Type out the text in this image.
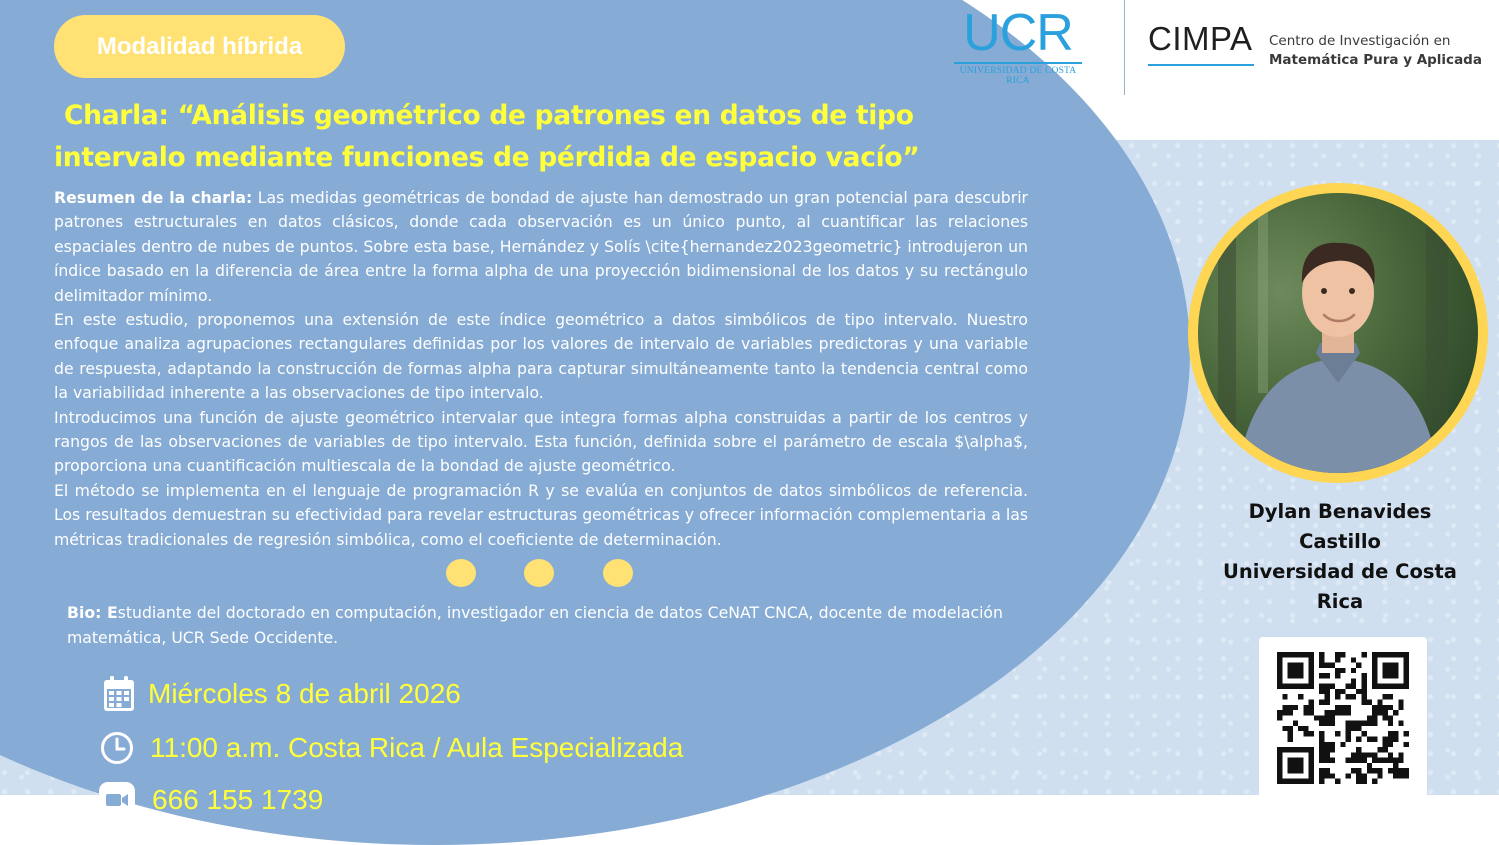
Modalidad híbrida	UCR
UNIVERSIDAD DE COSTA RICA
CIMPA Centro de Investigación en
Matemática Pura y Aplicada
Charla: “Análisis geométrico de patrones en datos de tipo
intervalo mediante funciones de pérdida de espacio vacío”

Resumen de la charla: Las medidas geométricas de bondad de ajuste han demostrado un gran potencial para descubrir patrones estructurales en datos clásicos, donde cada observación es un único punto, al cuantificar las relaciones espaciales dentro de nubes de puntos. Sobre esta base, Hernández y Solís \cite{hernandez2023geometric} introdujeron un índice basado en la diferencia de área entre la forma alpha de una proyección bidimensional de los datos y su rectángulo delimitador mínimo.

En este estudio, proponemos una extensión de este índice geométrico a datos simbólicos de tipo intervalo. Nuestro enfoque analiza agrupaciones rectangulares definidas por los valores de intervalo de variables predictoras y una variable de respuesta, adaptando la construcción de formas alpha para capturar simultáneamente tanto la tendencia central como la variabilidad inherente a las observaciones de tipo intervalo.

Introducimos una función de ajuste geométrico intervalar que integra formas alpha construidas a partir de los centros y rangos de las observaciones de variables de tipo intervalo. Esta función, definida sobre el parámetro de escala $\alpha$, proporciona una cuantificación multiescala de la bondad de ajuste geométrico.

El método se implementa en el lenguaje de programación R y se evalúa en conjuntos de datos simbólicos de referencia. Los resultados demuestran su efectividad para revelar estructuras geométricas y ofrecer información complementaria a las métricas tradicionales de regresión simbólica, como el coeficiente de determinación.

Bio: Estudiante del doctorado en computación, investigador en ciencia de datos CeNAT CNCA, docente de modelación matemática, UCR Sede Occidente.
Miércoles 8 de abril 2026
11:00 a.m. Costa Rica / Aula Especializada
666 155 1739
Dylan Benavides
Castillo
Universidad de Costa
Rica
